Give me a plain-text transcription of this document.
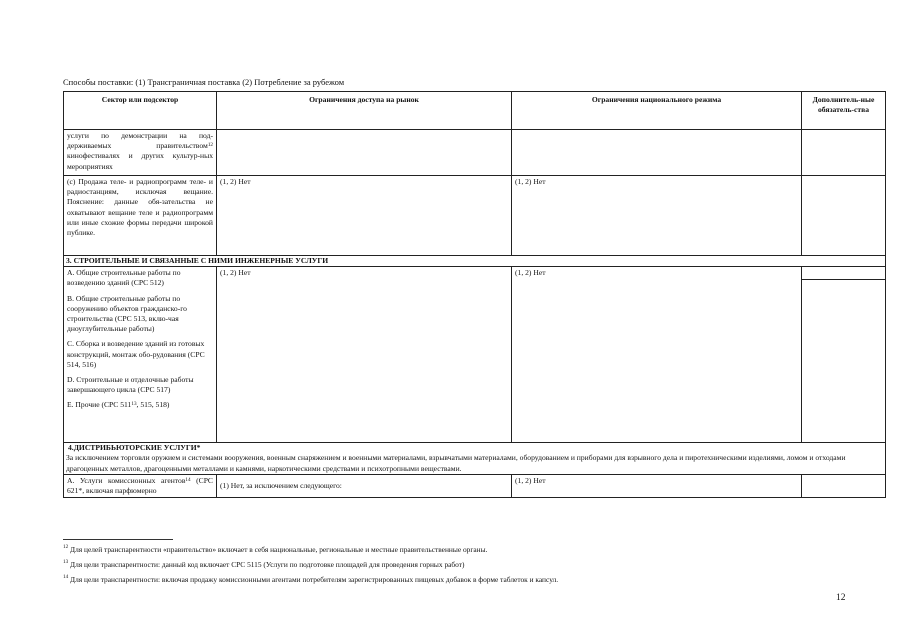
Способы поставки: (1) Трансграничная поставка (2) Потребление за рубежом
Сектор или подсектор	Ограничения доступа на рынок	Ограничения национального режима	Дополнитель-ные обязатель-ства
услуги по демонстрации на под-держиваемых правительством$^{12}$ кинофестивалях и других культур-ных мероприятиях			
(c) Продажа теле- и радиопрограмм теле- и радиостанциям, исключая вещание. Пояснение: данные обя-зательства не охватывают вещание теле и радиопрограмм или иные схожие формы передачи широкой публике.	(1, 2) Нет	(1, 2) Нет	
3. СТРОИТЕЛЬНЫЕ И СВЯЗАННЫЕ С НИМИ ИНЖЕНЕРНЫЕ УСЛУГИ			

A. Общие строительные работы по возведению зданий (CPC 512)
B. Общие строительные работы по сооружению объектов гражданско-го строительства (CPC 513, вклю-чая дноуглубительные работы)
C. Сборка и возведение зданий из готовых конструкций, монтаж обо-рудования (CPC 514, 516)
D. Строительные и отделочные работы завершающего цикла (CPC 517)
E. Прочие (CPC $511^{13}$, 515, 518)	(1, 2) Нет	(1, 2) Нет	

4.ДИСТРИБЬЮТОРСКИЕ УСЛУГИ*
За исключением торговли оружием и системами вооружения, военным снаряжением и военными материалами, взрывчатыми материалами, оборудованием и приборами для взрывного дела и пиротехническими изделиями, ломом и отходами драгоценных металлов, драгоценными металлами и камнями, наркотическими средствами и психотропными веществами.			

A. Услуги комиссионных агентов$^{14}$ (CPC 621*, включая парфюмерно	(1) Нет, за исключением следующего:	(1, 2) Нет	
$^{12}$ Для целей транспарентности «правительство» включает в себя национальные, региональные и местные правительственные органы.
$^{13}$ Для цели транспарентности: данный код включает CPC 5115 (Услуги по подготовке площадей для проведения горных работ)
$^{14}$ Для цели транспарентности: включая продажу комиссионными агентами потребителям зарегистрированных пищевых добавок в форме таблеток и капсул.
12
